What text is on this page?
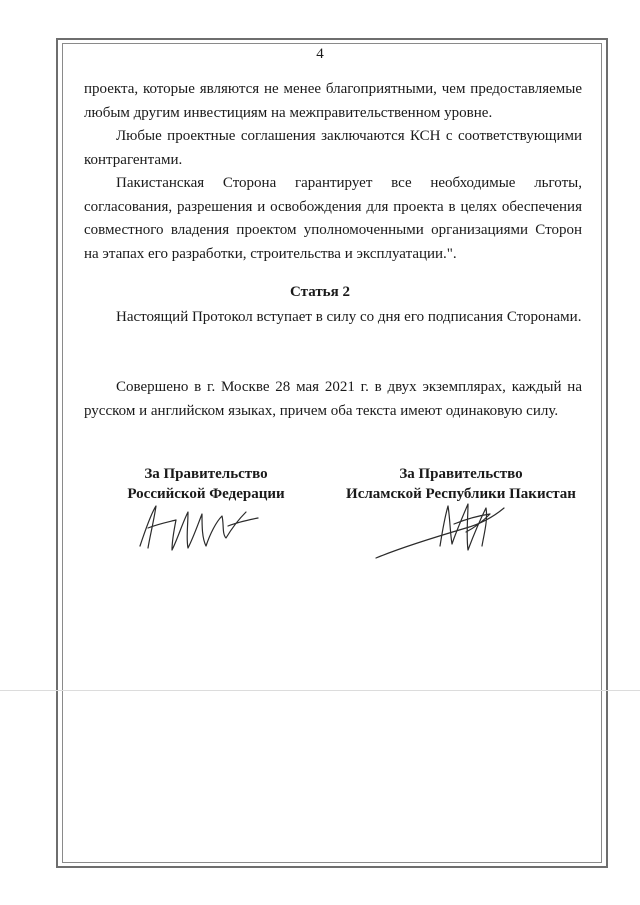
4

проекта, которые являются не менее благоприятными, чем предоставляемые любым другим инвестициям на межправительственном уровне.

Любые проектные соглашения заключаются КСН с соответствующими контрагентами.

Пакистанская Сторона гарантирует все необходимые льготы, согласования, разрешения и освобождения для проекта в целях обеспечения совместного владения проектом уполномоченными организациями Сторон на этапах его разработки, строительства и эксплуатации.".

Статья 2

Настоящий Протокол вступает в силу со дня его подписания Сторонами.

Совершено в г. Москве 28 мая 2021 г. в двух экземплярах, каждый на русском и английском языках, причем оба текста имеют одинаковую силу.

За Правительство
Российской Федерации
За Правительство
Исламской Республики Пакистан
